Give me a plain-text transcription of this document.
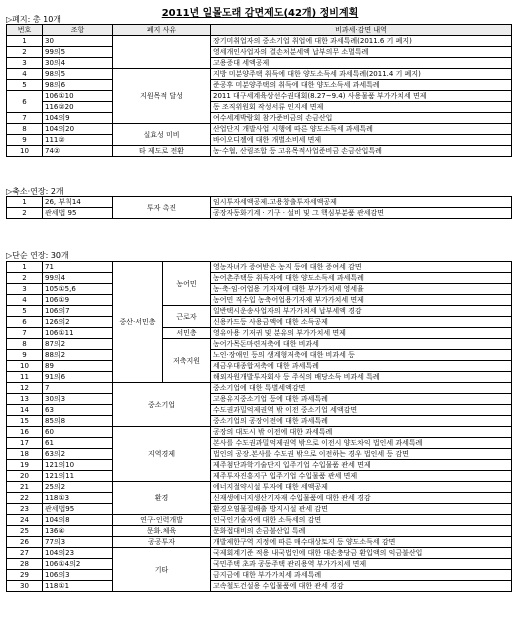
2011년 일몰도래 감면제도(42개) 정비계획
▷폐지: 총 10개
번호	조항	폐지 사유	비과세·감면 내역
1	30		장기미취업자의 중소기업 취업에 대한 과세특례(2011.6 기 폐지)
2	99의5		영세개인사업자의 결손처분세액 납부의무 소멸특례
3	30의4		고용증대 세액공제
4	98의5	지원목적 달성	지방 미분양주택 취득에 대한 양도소득세 과세특례(2011.4 기 폐지)
5	98의6		준공후 미분양주택의 취득에 대한 양도소득세 과세특례
6	106①10		2011 대구세계육상선수권대회(8.27~9.4) 사용물품 부가가치세 면제
	116②20		동 조직위원회 작성서류 인지세 면제
7	104의9		여수세계박람회 참가준비금의 손금산입
8	104의20	실효성 미비	산업단지 개발사업 시행에 따른 양도소득세 과세특례
9	111②		바이오디젤에 대한 개별소비세 면제
10	74②	타 제도로 전환	농·수협, 산림조합 등 고유목적사업준비금 손금산입특례
▷축소·연장: 2개
1	26, 부칙14	투자 촉진	임시투자세액공제.고용창출투자세액공제
2	관세법 95		공장자동화기계 · 기구 · 설비 및 그 핵심부분품 관세감면
▷단순 연장: 30개
1	71	중산·서민층	농어민	영농자녀가 증여받은 농지 등에 대한 증여세 감면
2	99의4			농어촌주택등 취득자에 대한 양도소득세 과세특례
3	105①5,6			농·축·임·어업용 기자재에 대한 부가가치세 영세율
4	106①9			농어민 직수입 농축어업용기자재 부가가치세 면제
5	106의7		근로자	일반택시운송사업자의 부가가치세 납부세액 경감
6	126의2			신용카드등 사용금액에 대한 소득공제
7	106①11		서민층	영유아용 기저귀 및 분유의 부가가치세 면제
8	87의2		저축지원	농어가목돈마련저축에 대한 비과세
9	88의2			노인·장애인 등의 생계형저축에 대한 비과세 등
10	89			세금우대종합저축에 대한 과세특례
11	91의6			해외자원개발투자회사 등 주식의 배당소득 비과세 특례
12	7	중소기업		중소기업에 대한 특별세액감면
13	30의3			고용유지중소기업 등에 대한 과세특례
14	63			수도권과밀억제권역 밖 이전 중소기업 세액감면
15	85의8			중소기업의 공장이전에 대한 과세특례
16	60	지역경제		공장의 대도시 밖 이전에 대한 과세특례
17	61			본사를 수도권과밀억제권역 밖으로 이전시 양도차익 법인세 과세특례
18	63의2			법인의 공장.본사를 수도권 밖으로 이전하는 경우 법인세 등 감면
19	121의10			제주첨단과학기술단지 입주기업 수입물품 관세 면제
20	121의11			제주투자진흥지구 입주기업 수입물품 관세 면제
21	25의2	환경		에너지절약시설 투자에 대한 세액공제
22	118①3			신재생에너지생산기자재 수입물품에 대한 관세 경감
23	관세법95			환경오염물질배출 방지시설 관세 감면
24	104의8	연구·인력개발		인국인기술자에 대한 소득세의 감면
25	136④	문화.체육		문화접대비의 손금불산입 특례
26	77의3	공공투자		개발제한구역 지정에 따른 매수대상토지 등 양도소득세 감면
27	104의23	기타		국제회계기준 적용 내국법인에 대한 대손충당금 환입액의 익금불산입
28	106①4의2			국민주택 초과 공동주택 관리용역 부가가치세 면제
29	106의3			금지금에 대한 부가가치세 과세특례
30	118①1			고속철도건설용 수입물품에 대한 관세 경감
